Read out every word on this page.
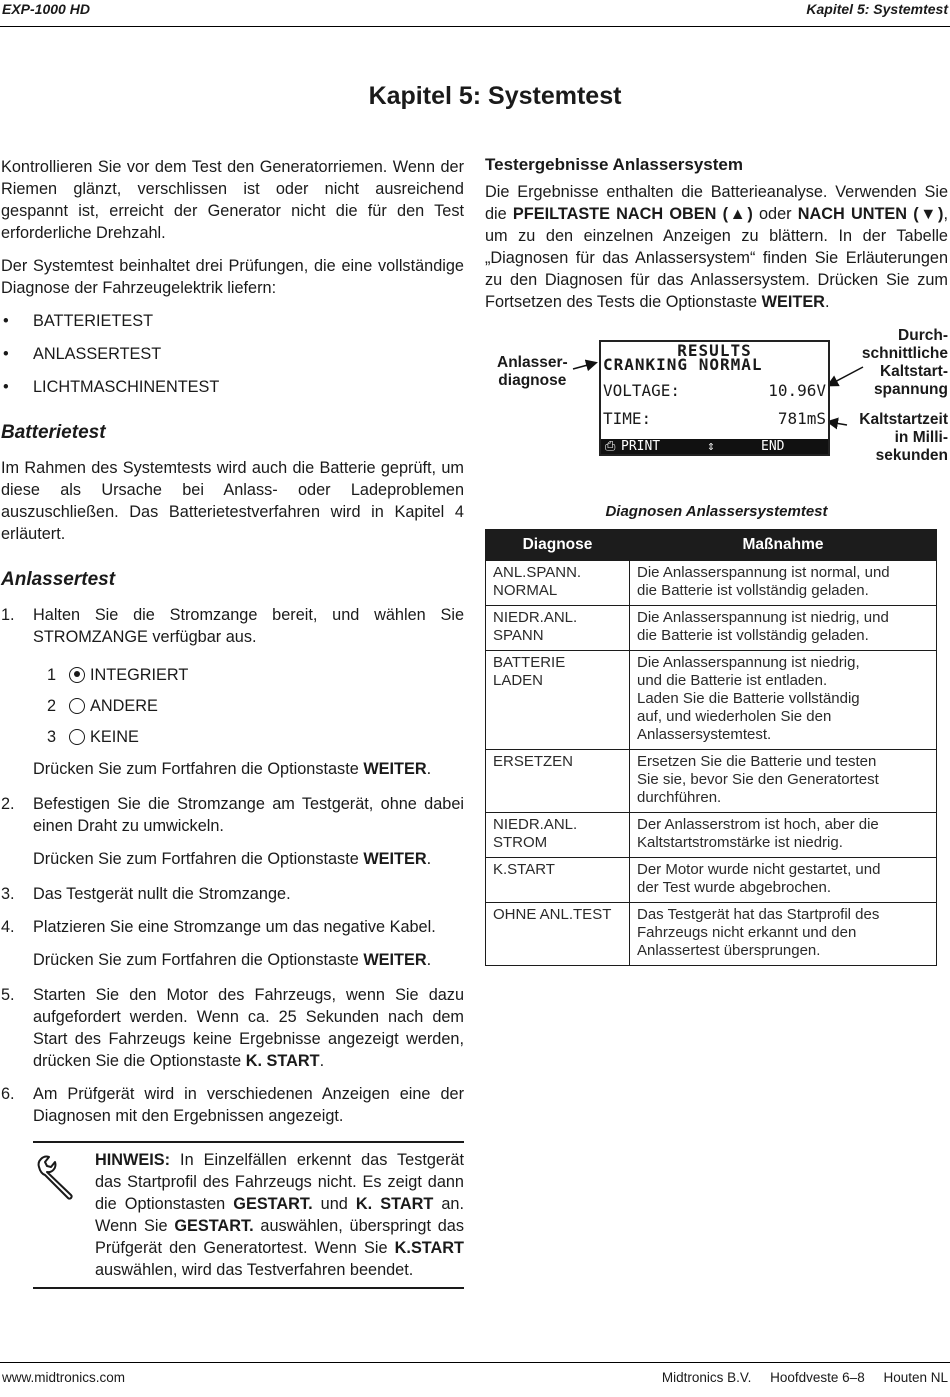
EXP-1000 HD	Kapitel 5: Systemtest
Kapitel 5: Systemtest

Kontrollieren Sie vor dem Test den Generatorriemen. Wenn der Riemen glänzt, verschlissen ist oder nicht ausreichend gespannt ist, erreicht der Generator nicht die für den Test erforderliche Drehzahl.

Der Systemtest beinhaltet drei Prüfungen, die eine vollständige Diagnose der Fahrzeugelektrik liefern:

• BATTERIETEST
• ANLASSERTEST
• LICHTMASCHINENTEST
Batterietest

Im Rahmen des Systemtests wird auch die Batterie geprüft, um diese als Ursache bei Anlass- oder Ladeproblemen auszuschließen. Das Batterietestverfahren wird in Kapitel 4 erläutert.

Anlassertest
1. Halten Sie die Stromzange bereit, und wählen Sie STROMZANGE verfügbar aus.

1	INTEGRIERT
2	ANDERE
3	KEINE
Drücken Sie zum Fortfahren die Optionstaste WEITER.
2. Befestigen Sie die Stromzange am Testgerät, ohne dabei einen Draht zu umwickeln.

Drücken Sie zum Fortfahren die Optionstaste WEITER.
3. Das Testgerät nullt die Stromzange.

4. Platzieren Sie eine Stromzange um das negative Kabel.

Drücken Sie zum Fortfahren die Optionstaste WEITER.
5. Starten Sie den Motor des Fahrzeugs, wenn Sie dazu aufgefordert werden. Wenn ca. 25 Sekunden nach dem Start des Fahrzeugs keine Ergebnisse angezeigt werden, drücken Sie die Optionstaste K. START.

6. Am Prüfgerät wird in verschiedenen Anzeigen eine der Diagnosen mit den Ergebnissen angezeigt.

HINWEIS: In Einzelfällen erkennt das Testgerät das Startprofil des Fahrzeugs nicht. Es zeigt dann die Optionstasten GESTART. und K. START an. Wenn Sie GESTART. auswählen, überspringt das Prüfgerät den Generatortest. Wenn Sie K.START auswählen, wird das Testverfahren beendet.

Testergebnisse Anlassersystem

Die Ergebnisse enthalten die Batterieanalyse. Verwenden Sie die PFEILTASTE NACH OBEN (▲) oder NACH UNTEN (▼), um zu den einzelnen Anzeigen zu blättern. In der Tabelle „Diagnosen für das Anlassersystem“ finden Sie Erläuterungen zu den Diagnosen für das Anlassersystem. Drücken Sie zum Fortsetzen des Tests die Optionstaste WEITER.

Anlasser-
diagnose
Durch-
schnittliche
Kaltstart-
spannung
Kaltstartzeit
in Milli-
sekunden
RESULTS
CRANKING NORMAL
VOLTAGE:	10.96V
TIME:	781mS
⎙ PRINT	⇕	END
Diagnosen Anlassersystemtest
Diagnose	Maßnahme
ANL.SPANN.
NORMAL	Die Anlasserspannung ist normal, und
die Batterie ist vollständig geladen.
NIEDR.ANL.
SPANN	Die Anlasserspannung ist niedrig, und
die Batterie ist vollständig geladen.
BATTERIE
LADEN	Die Anlasserspannung ist niedrig,
und die Batterie ist entladen.
Laden Sie die Batterie vollständig
auf, und wiederholen Sie den
Anlassersystemtest.
ERSETZEN	Ersetzen Sie die Batterie und testen
Sie sie, bevor Sie den Generatortest
durchführen.
NIEDR.ANL.
STROM	Der Anlasserstrom ist hoch, aber die
Kaltstartstromstärke ist niedrig.
K.START	Der Motor wurde nicht gestartet, und
der Test wurde abgebrochen.
OHNE ANL.TEST	Das Testgerät hat das Startprofil des
Fahrzeugs nicht erkannt und den
Anlassertest übersprungen.
www.midtronics.com	Midtronics B.V.     Hoofdveste 6–8     Houten NL
